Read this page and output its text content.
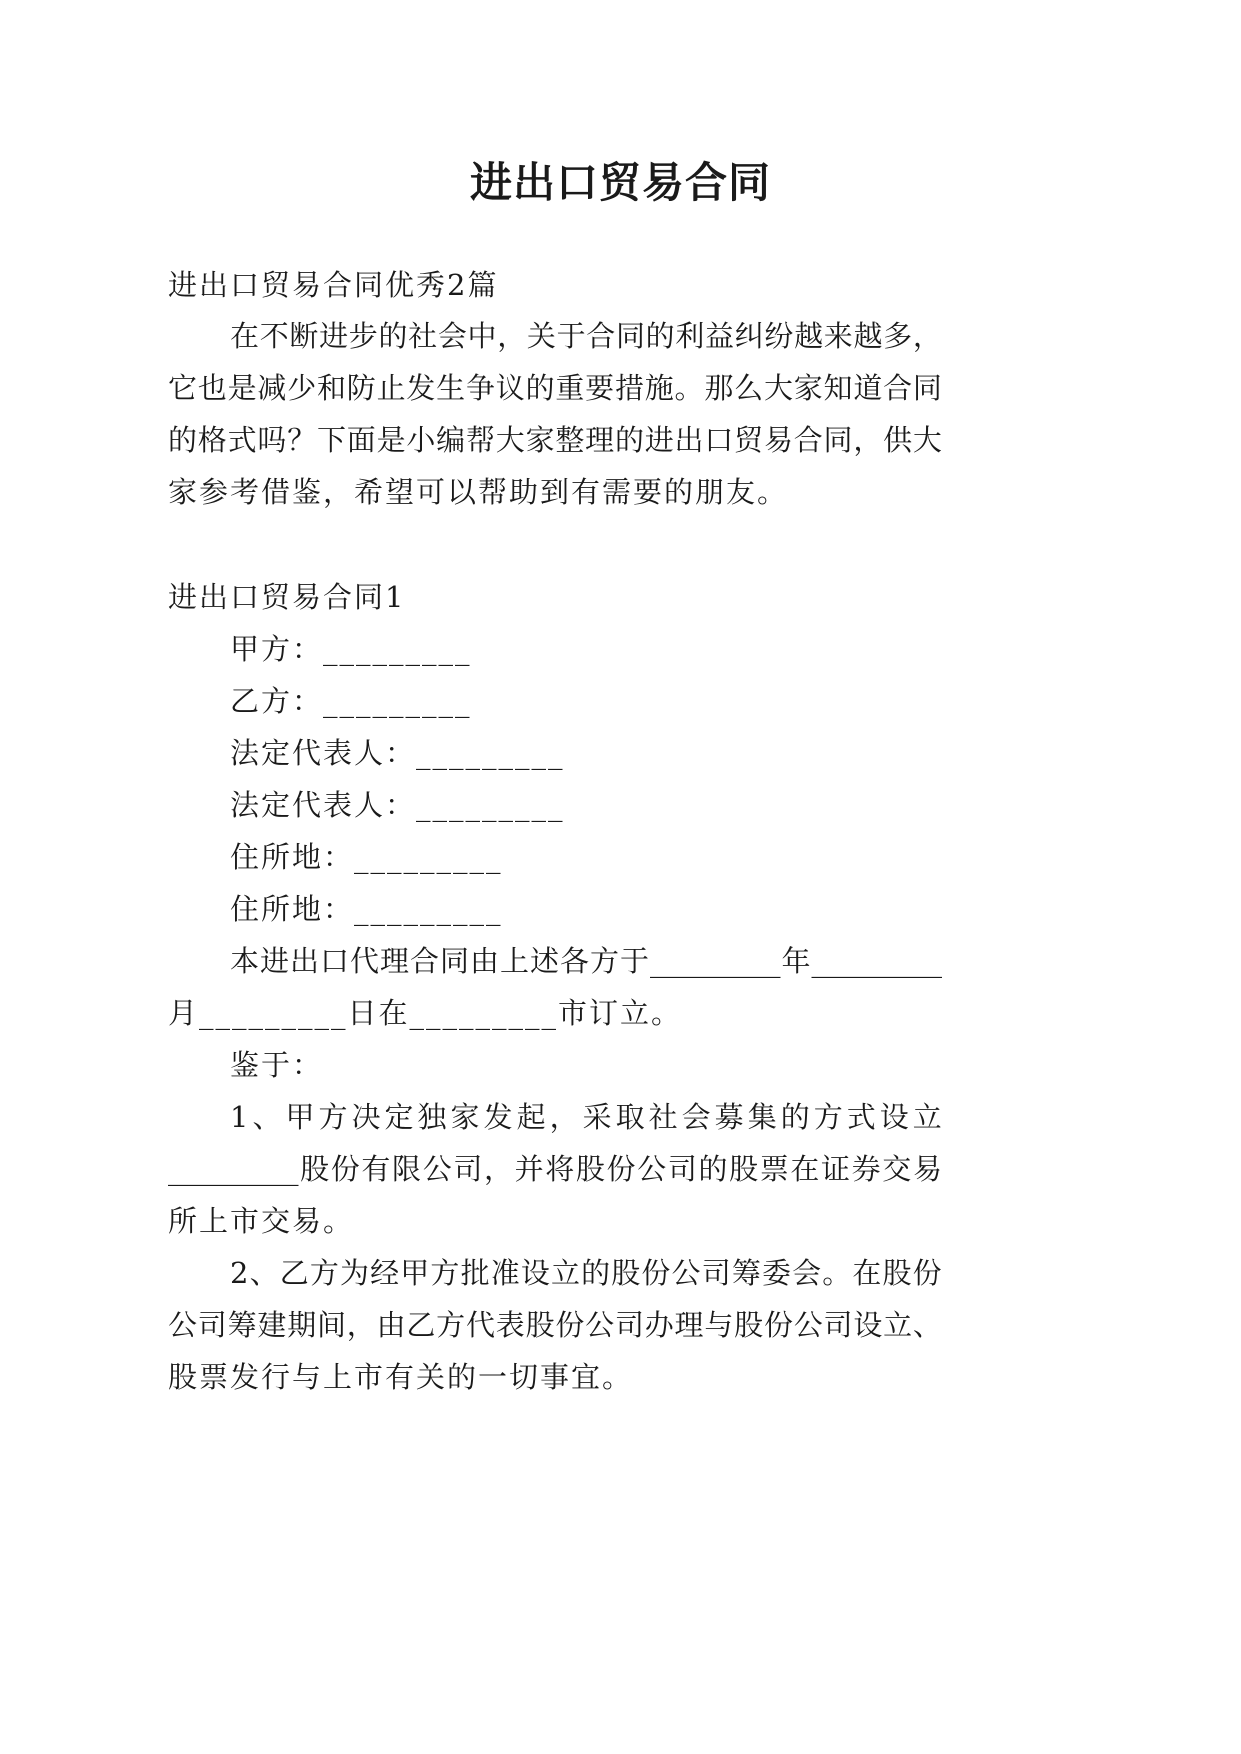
进出口贸易合同
进出口贸易合同优秀2篇
在 不 断 进 步 的 社 会 中 ， 关 于 合 同 的 利 益 纠 纷 越 来 越 多 ，
它 也 是 减 少 和 防 止 发 生 争 议 的 重 要 措 施 。 那 么 大 家 知 道 合 同
的 格 式 吗 ？ 下 面 是 小 编 帮 大 家 整 理 的 进 出 口 贸 易 合 同 ， 供 大
家参考借鉴，希望可以帮助到有需要的朋友。
进出口贸易合同1
甲方：_________
乙方：_________
法定代表人：_________
法定代表人：_________
住所地：_________
住所地：_________
本 进 出 口 代 理 合 同 由 上 述 各 方 于 _________ 年 _________
月_________日在_________市订立。
鉴于：
1 、 甲 方 决 定 独 家 发 起 ， 采 取 社 会 募 集 的 方 式 设 立
_________ 股 份 有 限 公 司 ， 并 将 股 份 公 司 的 股 票 在 证 券 交 易
所上市交易。
2 、 乙 方 为 经 甲 方 批 准 设 立 的 股 份 公 司 筹 委 会 。 在 股 份
公 司 筹 建 期 间 ， 由 乙 方 代 表 股 份 公 司 办 理 与 股 份 公 司 设 立 、
股票发行与上市有关的一切事宜。
